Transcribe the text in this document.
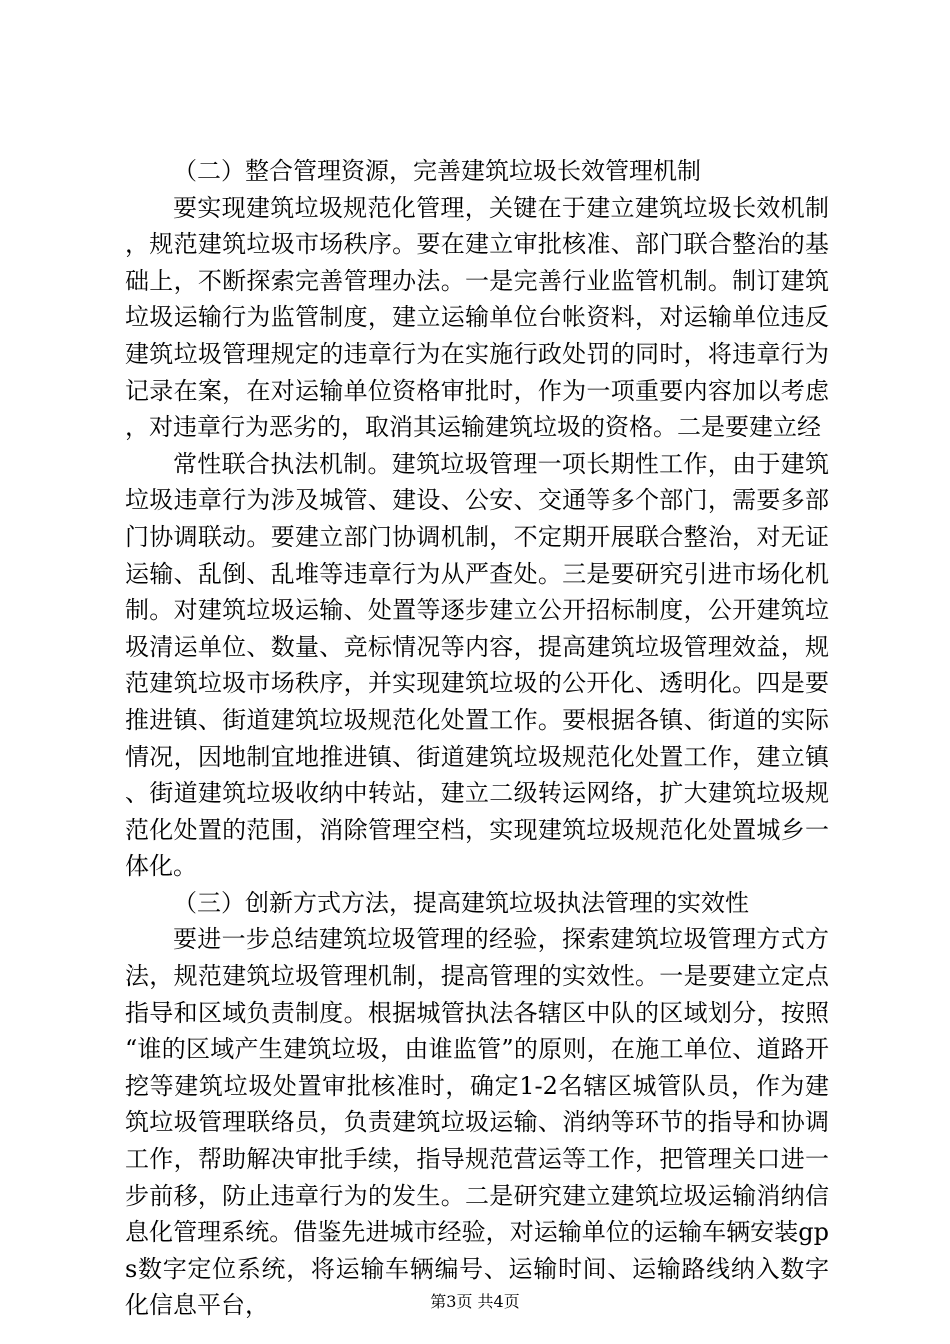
（二）整合管理资源，完善建筑垃圾长效管理机制

要实现建筑垃圾规范化管理，关键在于建立建筑垃圾长效机制，规范建筑垃圾市场秩序。要在建立审批核准、部门联合整治的基础上，不断探索完善管理办法。一是完善行业监管机制。制订建筑垃圾运输行为监管制度，建立运输单位台帐资料，对运输单位违反建筑垃圾管理规定的违章行为在实施行政处罚的同时，将违章行为记录在案，在对运输单位资格审批时，作为一项重要内容加以考虑，对违章行为恶劣的，取消其运输建筑垃圾的资格。二是要建立经

常性联合执法机制。建筑垃圾管理一项长期性工作，由于建筑垃圾违章行为涉及城管、建设、公安、交通等多个部门，需要多部门协调联动。要建立部门协调机制，不定期开展联合整治，对无证运输、乱倒、乱堆等违章行为从严查处。三是要研究引进市场化机制。对建筑垃圾运输、处置等逐步建立公开招标制度，公开建筑垃圾清运单位、数量、竞标情况等内容，提高建筑垃圾管理效益，规范建筑垃圾市场秩序，并实现建筑垃圾的公开化、透明化。四是要推进镇、街道建筑垃圾规范化处置工作。要根据各镇、街道的实际情况，因地制宜地推进镇、街道建筑垃圾规范化处置工作，建立镇、街道建筑垃圾收纳中转站，建立二级转运网络，扩大建筑垃圾规范化处置的范围，消除管理空档，实现建筑垃圾规范化处置城乡一体化。

（三）创新方式方法，提高建筑垃圾执法管理的实效性

要进一步总结建筑垃圾管理的经验，探索建筑垃圾管理方式方法，规范建筑垃圾管理机制，提高管理的实效性。一是要建立定点指导和区域负责制度。根据城管执法各辖区中队的区域划分，按照“谁的区域产生建筑垃圾，由谁监管”的原则，在施工单位、道路开挖等建筑垃圾处置审批核准时，确定1-2名辖区城管队员，作为建筑垃圾管理联络员，负责建筑垃圾运输、消纳等环节的指导和协调工作，帮助解决审批手续，指导规范营运等工作，把管理关口进一步前移，防止违章行为的发生。二是研究建立建筑垃圾运输消纳信息化管理系统。借鉴先进城市经验，对运输单位的运输车辆安装gps数字定位系统，将运输车辆编号、运输时间、运输路线纳入数字化信息平台，	第3页 共4页
